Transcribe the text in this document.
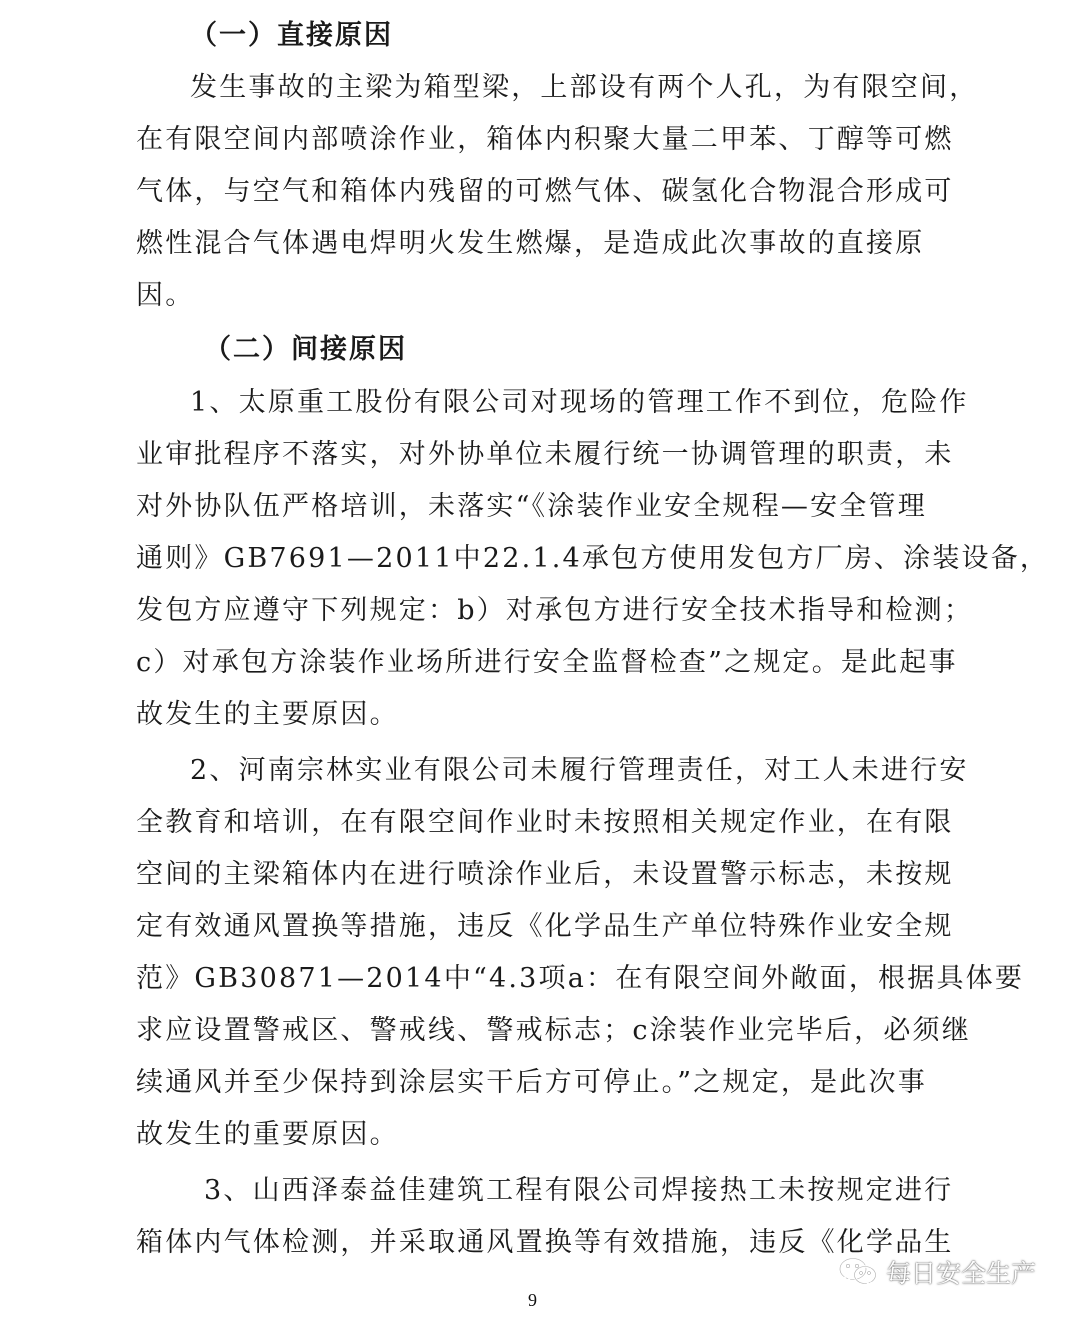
（一）直接原因
发生事故的主梁为箱型梁，上部设有两个人孔，为有限空间，
在有限空间内部喷涂作业，箱体内积聚大量二甲苯、丁醇等可燃
气体，与空气和箱体内残留的可燃气体、碳氢化合物混合形成可
燃性混合气体遇电焊明火发生燃爆，是造成此次事故的直接原
因。
（二）间接原因
1、太原重工股份有限公司对现场的管理工作不到位，危险作
业审批程序不落实，对外协单位未履行统一协调管理的职责，未
对外协队伍严格培训，未落实“《涂装作业安全规程—安全管理
通则》GB7691—2011中22.1.4承包方使用发包方厂房、涂装设备，
发包方应遵守下列规定：b）对承包方进行安全技术指导和检测；
c）对承包方涂装作业场所进行安全监督检查”之规定。是此起事
故发生的主要原因。
2、河南宗林实业有限公司未履行管理责任，对工人未进行安
全教育和培训，在有限空间作业时未按照相关规定作业，在有限
空间的主梁箱体内在进行喷涂作业后，未设置警示标志，未按规
定有效通风置换等措施，违反《化学品生产单位特殊作业安全规
范》GB30871—2014中“4.3项a：在有限空间外敞面，根据具体要
求应设置警戒区、警戒线、警戒标志；c涂装作业完毕后，必须继
续通风并至少保持到涂层实干后方可停止。”之规定，是此次事
故发生的重要原因。
3、山西泽泰益佳建筑工程有限公司焊接热工未按规定进行
箱体内气体检测，并采取通风置换等有效措施，违反《化学品生
9
每日安全生产
